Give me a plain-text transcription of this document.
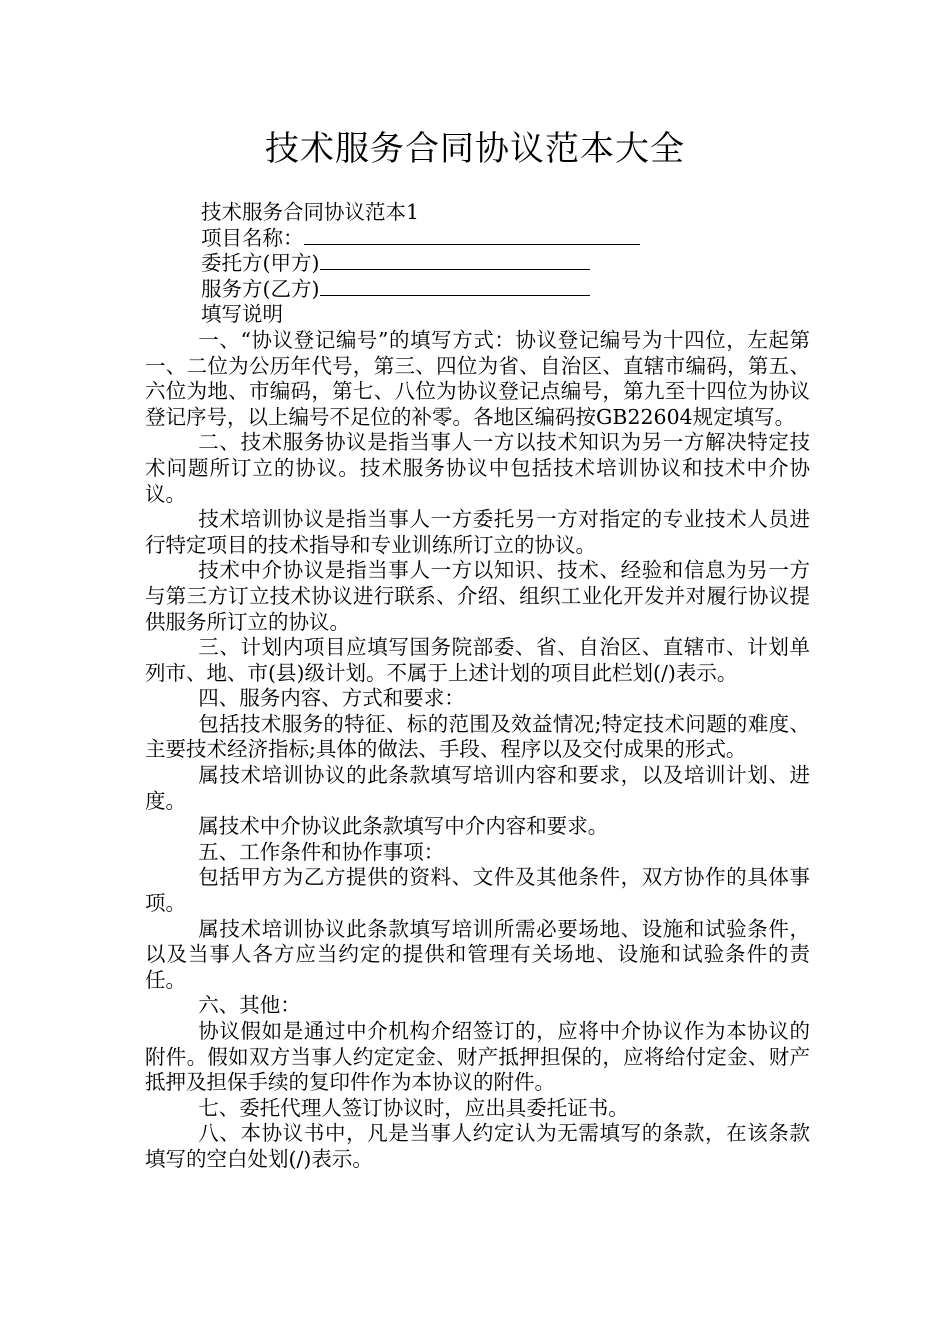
技术服务合同协议范本大全

技术服务合同协议范本1

项目名称：

委托方(甲方)

服务方(乙方)

填写说明

一、“协议登记编号”的填写方式：协议登记编号为十四位，左起第一、二位为公历年代号，第三、四位为省、自治区、直辖市编码，第五、六位为地、市编码，第七、八位为协议登记点编号，第九至十四位为协议登记序号，以上编号不足位的补零。各地区编码按GB22604规定填写。

二、技术服务协议是指当事人一方以技术知识为另一方解决特定技术问题所订立的协议。技术服务协议中包括技术培训协议和技术中介协议。

技术培训协议是指当事人一方委托另一方对指定的专业技术人员进行特定项目的技术指导和专业训练所订立的协议。

技术中介协议是指当事人一方以知识、技术、经验和信息为另一方与第三方订立技术协议进行联系、介绍、组织工业化开发并对履行协议提供服务所订立的协议。

三、计划内项目应填写国务院部委、省、自治区、直辖市、计划单列市、地、市(县)级计划。不属于上述计划的项目此栏划(/)表示。

四、服务内容、方式和要求：

包括技术服务的特征、标的范围及效益情况;特定技术问题的难度、主要技术经济指标;具体的做法、手段、程序以及交付成果的形式。

属技术培训协议的此条款填写培训内容和要求，以及培训计划、进度。

属技术中介协议此条款填写中介内容和要求。

五、工作条件和协作事项：

包括甲方为乙方提供的资料、文件及其他条件，双方协作的具体事项。

属技术培训协议此条款填写培训所需必要场地、设施和试验条件，以及当事人各方应当约定的提供和管理有关场地、设施和试验条件的责任。

六、其他：

协议假如是通过中介机构介绍签订的，应将中介协议作为本协议的附件。假如双方当事人约定定金、财产抵押担保的，应将给付定金、财产抵押及担保手续的复印件作为本协议的附件。

七、委托代理人签订协议时，应出具委托证书。

八、本协议书中，凡是当事人约定认为无需填写的条款，在该条款填写的空白处划(/)表示。
